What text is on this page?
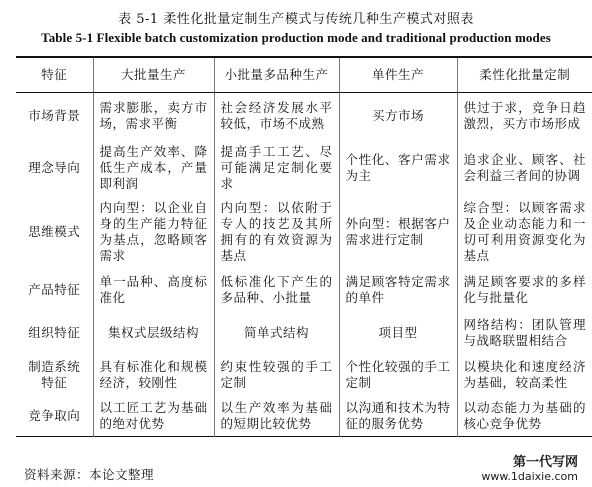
表 5-1 柔性化批量定制生产模式与传统几种生产模式对照表
Table 5-1 Flexible batch customization production mode and traditional production modes
特征	大批量生产	小批量多品种生产	单件生产	柔性化批量定制
市场背景	需求膨胀，卖方市场，需求平衡	社会经济发展水平较低，市场不成熟	买方市场	供过于求，竞争日趋激烈，买方市场形成
理念导向	提高生产效率、降低生产成本，产量即利润	提高手工工艺、尽可能满足定制化要求	个性化、客户需求为主	追求企业、顾客、社会利益三者间的协调
思维模式	内向型：以企业自身的生产能力特征为基点，忽略顾客需求	内向型：以依附于专人的技艺及其所拥有的有效资源为基点	外向型：根据客户需求进行定制	综合型：以顾客需求及企业动态能力和一切可利用资源变化为基点
产品特征	单一品种、高度标准化	低标准化下产生的多品种、小批量	满足顾客特定需求的单件	满足顾客要求的多样化与批量化
组织特征	集权式层级结构	简单式结构	项目型	网络结构：团队管理与战略联盟相结合
制造系统特征	具有标准化和规模经济，较刚性	约束性较强的手工定制	个性化较强的手工定制	以模块化和速度经济为基础，较高柔性
竞争取向	以工匠工艺为基础的绝对优势	以生产效率为基础的短期比较优势	以沟通和技术为特征的服务优势	以动态能力为基础的核心竞争优势
资料来源：本论文整理
第一代写网
www.1daixie.com
